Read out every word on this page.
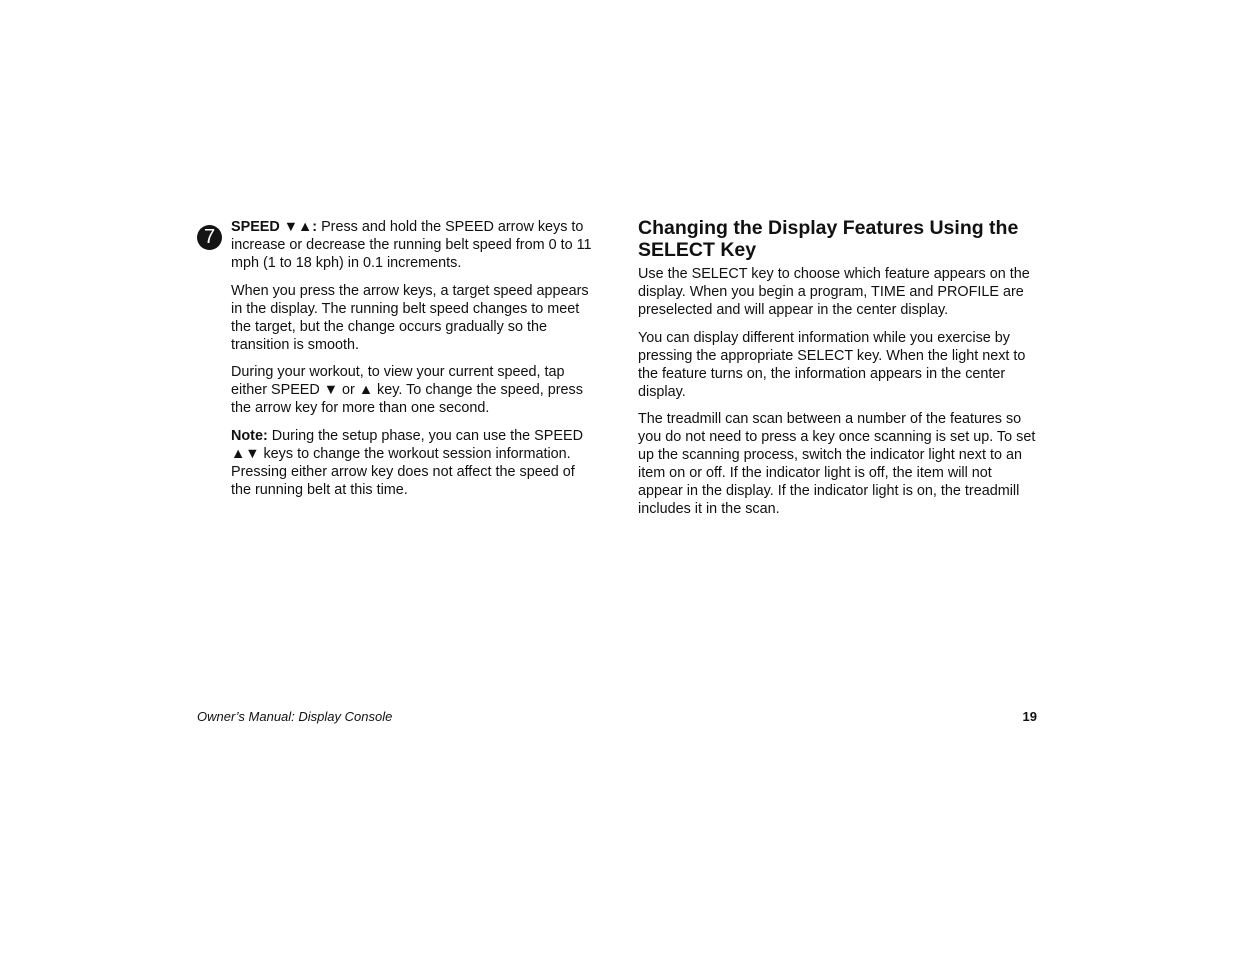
7	SPEED ▼▲: Press and hold the SPEED arrow keys to increase or decrease the running belt speed from 0 to 11 mph (1 to 18 kph) in 0.1 increments.

When you press the arrow keys, a target speed appears in the display. The running belt speed changes to meet the target, but the change occurs gradually so the transition is smooth.

During your workout, to view your current speed, tap either SPEED ▼ or ▲ key. To change the speed, press the arrow key for more than one second.

Note: During the setup phase, you can use the SPEED ▲▼ keys to change the workout session information. Pressing either arrow key does not affect the speed of the running belt at this time.

Changing the Display Features Using the SELECT Key

Use the SELECT key to choose which feature appears on the display. When you begin a program, TIME and PROFILE are preselected and will appear in the center display.

You can display different information while you exercise by pressing the appropriate SELECT key. When the light next to the feature turns on, the information appears in the center display.

The treadmill can scan between a number of the features so you do not need to press a key once scanning is set up. To set up the scanning process, switch the indicator light next to an item on or off. If the indicator light is off, the item will not appear in the display. If the indicator light is on, the treadmill includes it in the scan.

Owner’s Manual: Display Console	19
